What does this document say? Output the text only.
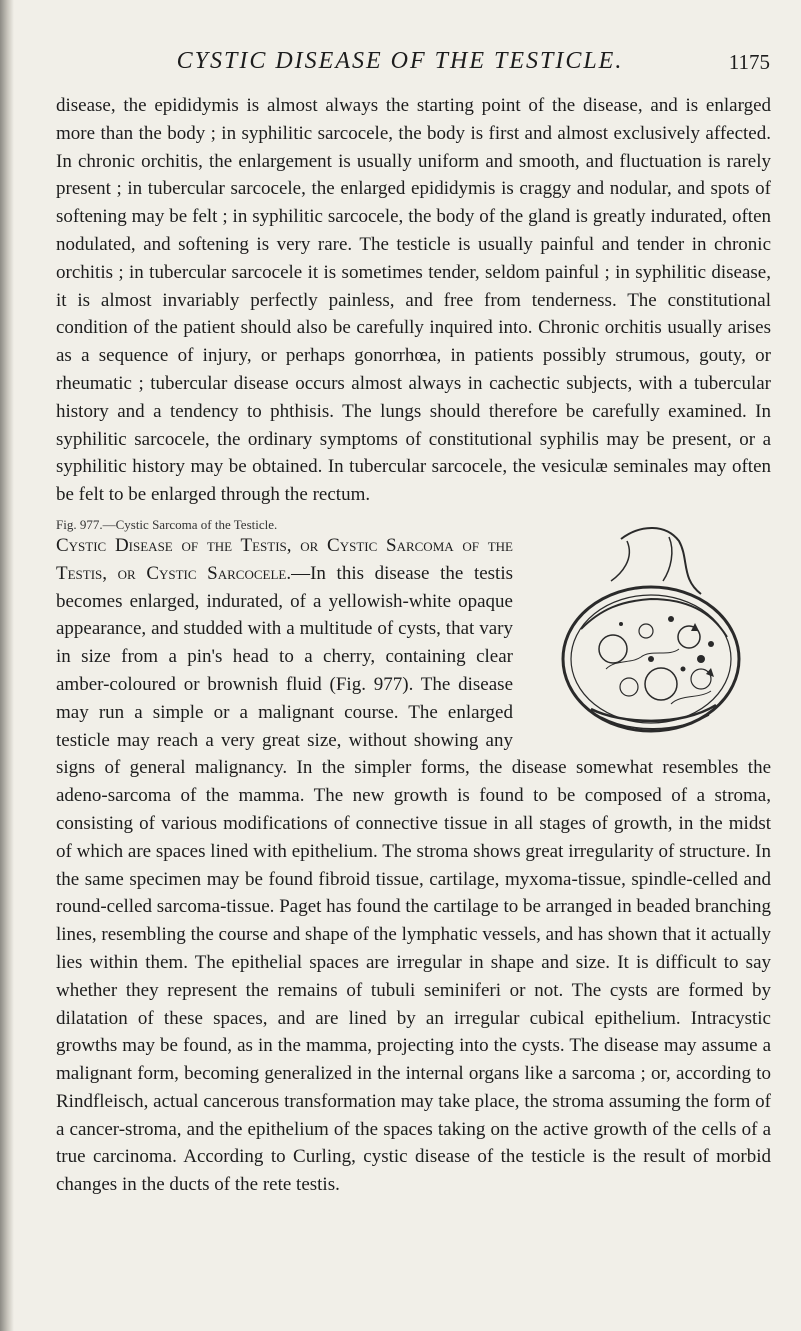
CYSTIC DISEASE OF THE TESTICLE.	1175

disease, the epididymis is almost always the starting point of the disease, and is enlarged more than the body ; in syphilitic sarcocele, the body is first and almost exclusively affected. In chronic orchitis, the enlargement is usually uniform and smooth, and fluctuation is rarely present ; in tubercular sarcocele, the enlarged epididymis is craggy and nodular, and spots of softening may be felt ; in syphilitic sarcocele, the body of the gland is greatly indurated, often nodulated, and softening is very rare. The testicle is usually painful and tender in chronic orchitis ; in tubercular sarcocele it is sometimes tender, seldom painful ; in syphilitic disease, it is almost invariably perfectly painless, and free from tenderness. The constitutional condition of the patient should also be carefully inquired into. Chronic orchitis usually arises as a sequence of injury, or perhaps gonorrhœa, in patients possibly strumous, gouty, or rheumatic ; tubercular disease occurs almost always in cachectic subjects, with a tubercular history and a tendency to phthisis. The lungs should therefore be carefully examined. In syphilitic sarcocele, the ordinary symptoms of constitutional syphilis may be present, or a syphilitic history may be obtained. In tubercular sarcocele, the vesiculæ seminales may often be felt to be enlarged through the rectum.

Fig. 977.—Cystic Sarcoma of the Testicle.
Cystic Disease of the Testis, or Cystic Sarcoma of the Testis, or Cystic Sarcocele.—In this disease the testis becomes enlarged, indurated, of a yellowish-white opaque appearance, and studded with a multitude of cysts, that vary in size from a pin's head to a cherry, containing clear amber-coloured or brownish fluid (Fig. 977). The disease may run a simple or a malignant course. The enlarged testicle may reach a very great size, without showing any signs of general malignancy. In the simpler forms, the disease somewhat resembles the adeno-sarcoma of the mamma. The new growth is found to be composed of a stroma, consisting of various modifications of connective tissue in all stages of growth, in the midst of which are spaces lined with epithelium. The stroma shows great irregularity of structure. In the same specimen may be found fibroid tissue, cartilage, myxoma-tissue, spindle-celled and round-celled sarcoma-tissue. Paget has found the cartilage to be arranged in beaded branching lines, resembling the course and shape of the lymphatic vessels, and has shown that it actually lies within them. The epithelial spaces are irregular in shape and size. It is difficult to say whether they represent the remains of tubuli seminiferi or not. The cysts are formed by dilatation of these spaces, and are lined by an irregular cubical epithelium. Intracystic growths may be found, as in the mamma, projecting into the cysts. The disease may assume a malignant form, becoming generalized in the internal organs like a sarcoma ; or, according to Rindfleisch, actual cancerous transformation may take place, the stroma assuming the form of a cancer-stroma, and the epithelium of the spaces taking on the active growth of the cells of a true carcinoma. According to Curling, cystic disease of the testicle is the result of morbid changes in the ducts of the rete testis.
